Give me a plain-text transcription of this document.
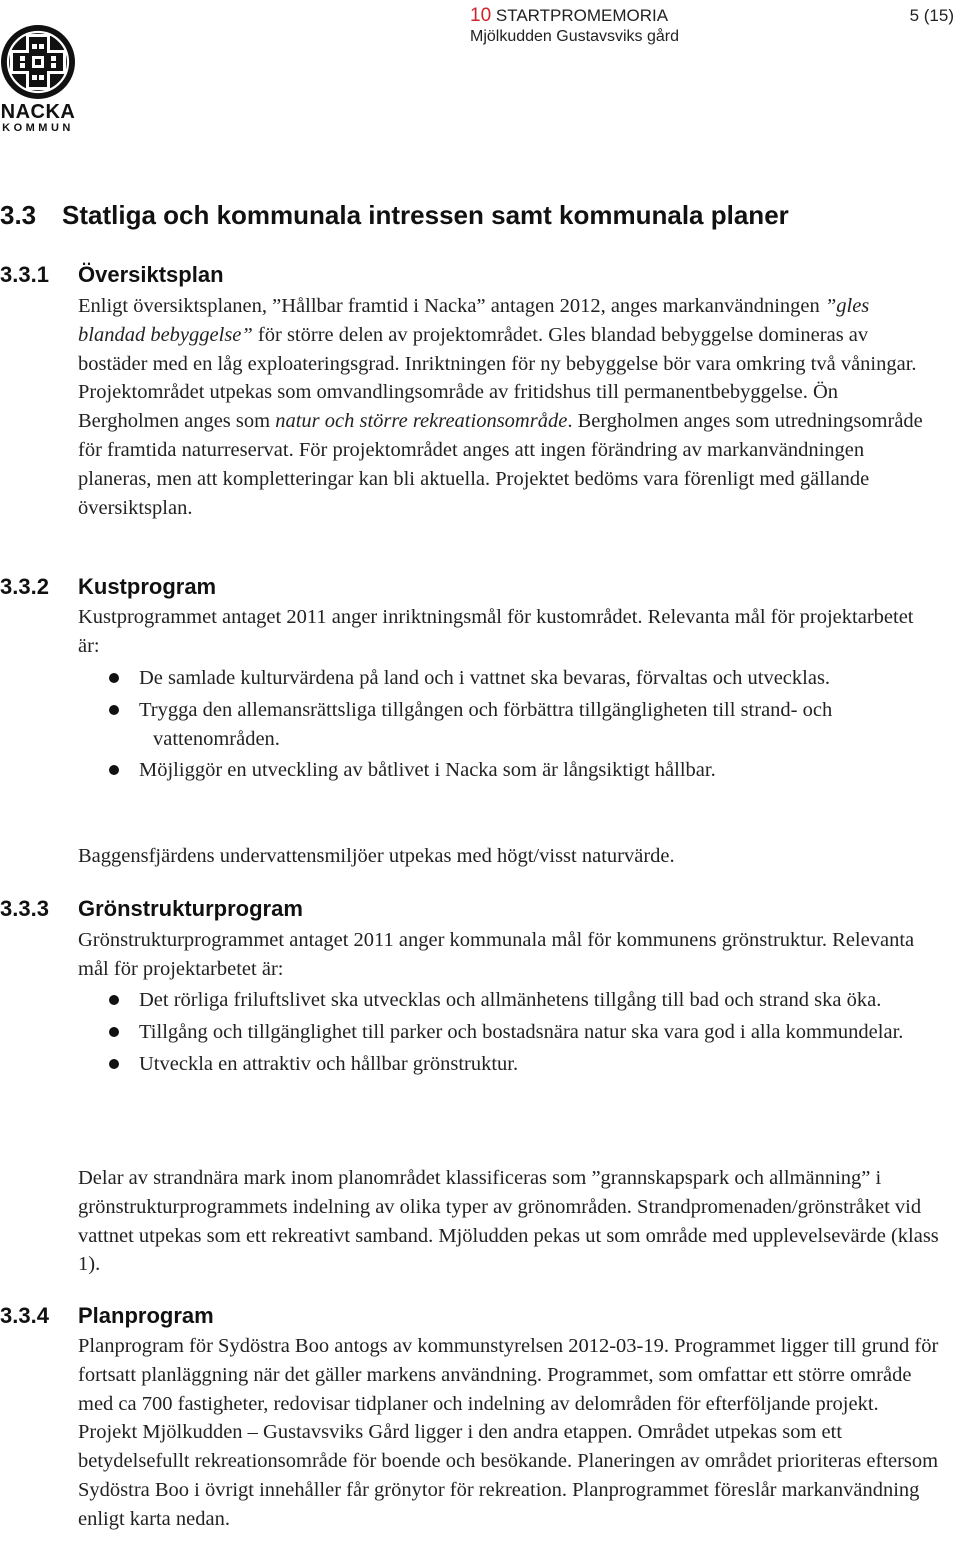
NACKA
KOMMUN
10 STARTPROMEMORIA
Mjölkudden Gustavsviks gård
5 (15)
3.3 Statliga och kommunala intressen samt kommunala planer
3.3.1 Översiktsplan

Enligt översiktsplanen, ”Hållbar framtid i Nacka” antagen 2012, anges markanvändningen ”gles blandad bebyggelse” för större delen av projektområdet. Gles blandad bebyggelse domineras av bostäder med en låg exploateringsgrad. Inriktningen för ny bebyggelse bör vara omkring två våningar. Projektområdet utpekas som omvandlingsområde av fritidshus till permanentbebyggelse. Ön Bergholmen anges som natur och större rekreationsområde. Bergholmen anges som utredningsområde för framtida naturreservat. För projektområdet anges att ingen förändring av markanvändningen planeras, men att kompletteringar kan bli aktuella. Projektet bedöms vara förenligt med gällande översiktsplan.

3.3.2 Kustprogram

Kustprogrammet antaget 2011 anger inriktningsmål för kustområdet. Relevanta mål för projektarbetet är:

De samlade kulturvärdena på land och i vattnet ska bevaras, förvaltas och utvecklas.
Trygga den allemansrättsliga tillgången och förbättra tillgängligheten till strand- och vattenområden.
Möjliggör en utveckling av båtlivet i Nacka som är långsiktigt hållbar.

Baggensfjärdens undervattensmiljöer utpekas med högt/visst naturvärde.

3.3.3 Grönstrukturprogram

Grönstrukturprogrammet antaget 2011 anger kommunala mål för kommunens grönstruktur. Relevanta mål för projektarbetet är:

Det rörliga friluftslivet ska utvecklas och allmänhetens tillgång till bad och strand ska öka.
Tillgång och tillgänglighet till parker och bostadsnära natur ska vara god i alla kommundelar.
Utveckla en attraktiv och hållbar grönstruktur.

Delar av strandnära mark inom planområdet klassificeras som ”grannskapspark och allmänning” i grönstrukturprogrammets indelning av olika typer av grönområden. Strandpromenaden/grönstråket vid vattnet utpekas som ett rekreativt samband. Mjöludden pekas ut som område med upplevelsevärde (klass 1).

3.3.4 Planprogram

Planprogram för Sydöstra Boo antogs av kommunstyrelsen 2012-03-19. Programmet ligger till grund för fortsatt planläggning när det gäller markens användning. Programmet, som omfattar ett större område med ca 700 fastigheter, redovisar tidplaner och indelning av delområden för efterföljande projekt. Projekt Mjölkudden – Gustavsviks Gård ligger i den andra etappen. Området utpekas som ett betydelsefullt rekreationsområde för boende och besökande. Planeringen av området prioriteras eftersom Sydöstra Boo i övrigt innehåller får grönytor för rekreation. Planprogrammet föreslår markanvändning enligt karta nedan.
